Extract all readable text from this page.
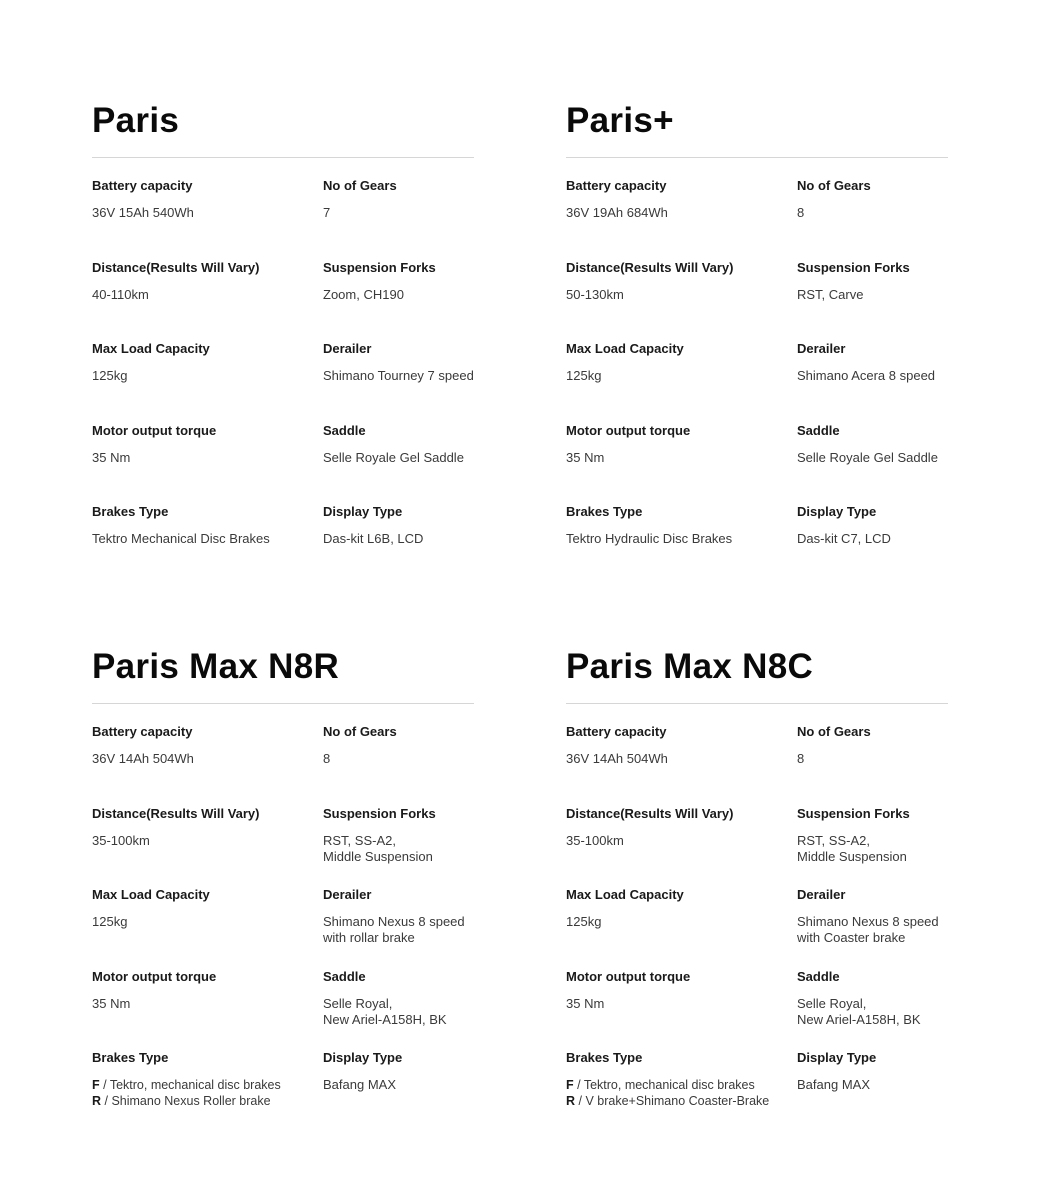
Paris
Battery capacity
36V 15Ah 540Wh
No of Gears
7
Distance(Results Will Vary)
40-110km
Suspension Forks
Zoom, CH190
Max Load Capacity
125kg
Derailer
Shimano Tourney 7 speed
Motor output torque
35 Nm
Saddle
Selle Royale Gel Saddle
Brakes Type
Tektro Mechanical Disc Brakes
Display Type
Das-kit L6B, LCD
Paris+
Battery capacity
36V 19Ah 684Wh
No of Gears
8
Distance(Results Will Vary)
50-130km
Suspension Forks
RST, Carve
Max Load Capacity
125kg
Derailer
Shimano Acera 8 speed
Motor output torque
35 Nm
Saddle
Selle Royale Gel Saddle
Brakes Type
Tektro Hydraulic Disc Brakes
Display Type
Das-kit C7, LCD
Paris Max N8R
Battery capacity
36V 14Ah 504Wh
No of Gears
8
Distance(Results Will Vary)
35-100km
Suspension Forks
RST, SS-A2,
Middle Suspension
Max Load Capacity
125kg
Derailer
Shimano Nexus 8 speed
with rollar brake
Motor output torque
35 Nm
Saddle
Selle Royal,
New Ariel-A158H, BK
Brakes Type
F / Tektro, mechanical disc brakes
R / Shimano Nexus Roller brake
Display Type
Bafang MAX
Paris Max N8C
Battery capacity
36V 14Ah 504Wh
No of Gears
8
Distance(Results Will Vary)
35-100km
Suspension Forks
RST, SS-A2,
Middle Suspension
Max Load Capacity
125kg
Derailer
Shimano Nexus 8 speed
with Coaster brake
Motor output torque
35 Nm
Saddle
Selle Royal,
New Ariel-A158H, BK
Brakes Type
F / Tektro, mechanical disc brakes
R / V brake+Shimano Coaster-Brake
Display Type
Bafang MAX
